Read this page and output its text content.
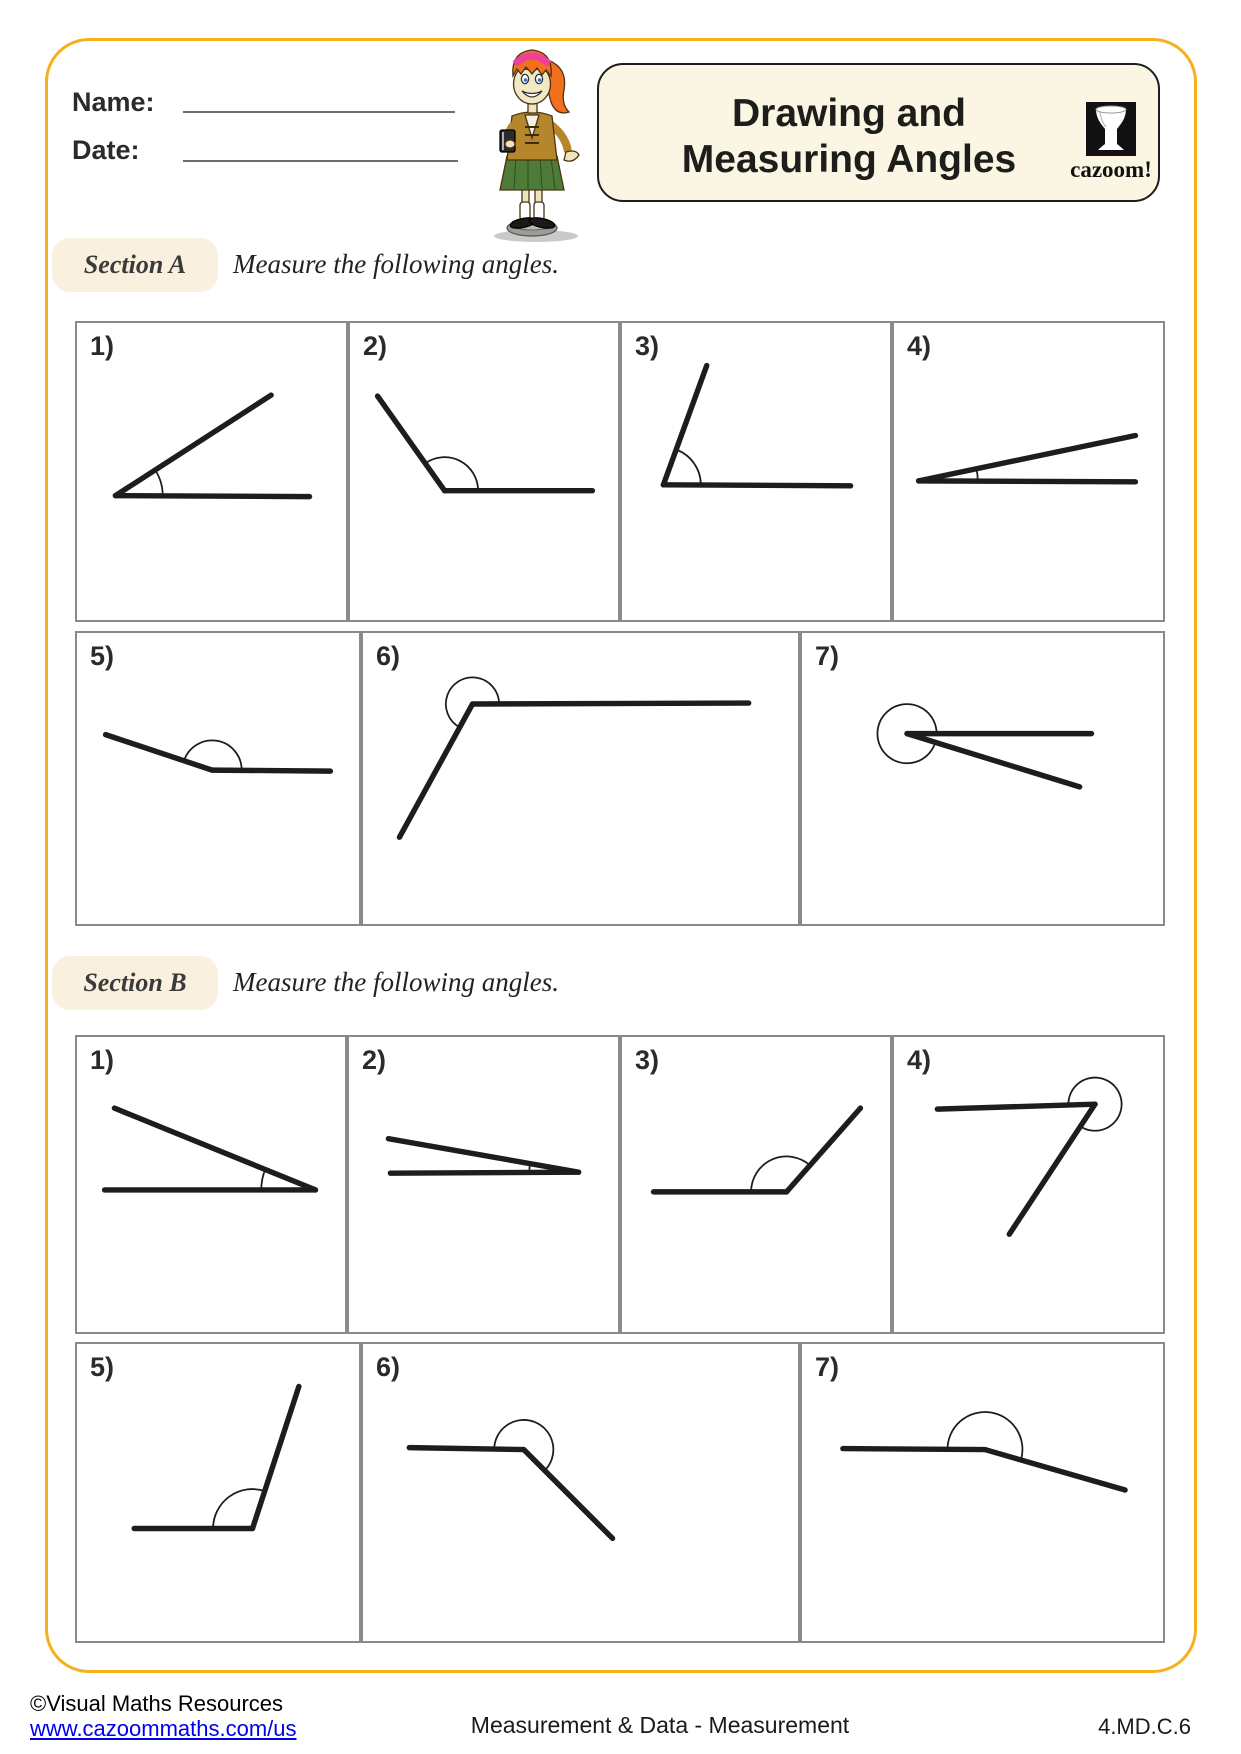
Name:
Date:
Drawing and
Measuring Angles	cazoom!
Section A Measure the following angles.
Section B Measure the following angles.
1)	2)	3)	4)
5)	6)	7)
1)	2)	3)	4)
5)	6)	7)
©Visual Maths Resources
www.cazoommaths.com/us	Measurement & Data - Measurement	4.MD.C.6
